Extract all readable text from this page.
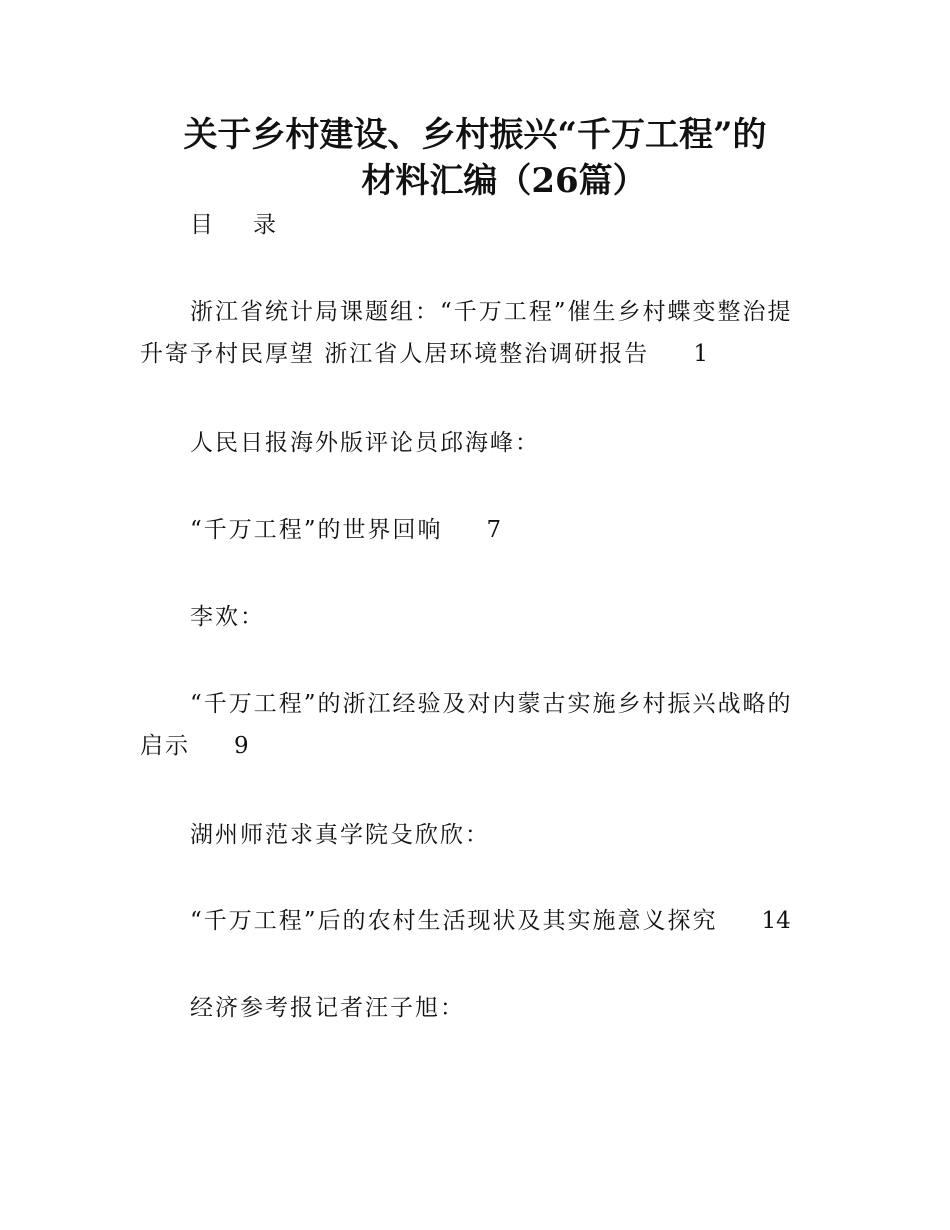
关于乡村建设、乡村振兴“千万工程”的
材料汇编（26篇）
目 录
浙江省统计局课题组：“千万工程”催生乡村蝶变整治提
升寄予村民厚望 浙江省人居环境整治调研报告 1
人民日报海外版评论员邱海峰：
“千万工程”的世界回响 7
李欢：
“千万工程”的浙江经验及对内蒙古实施乡村振兴战略的
启示 9
湖州师范求真学院殳欣欣：
“千万工程”后的农村生活现状及其实施意义探究 14
经济参考报记者汪子旭：
